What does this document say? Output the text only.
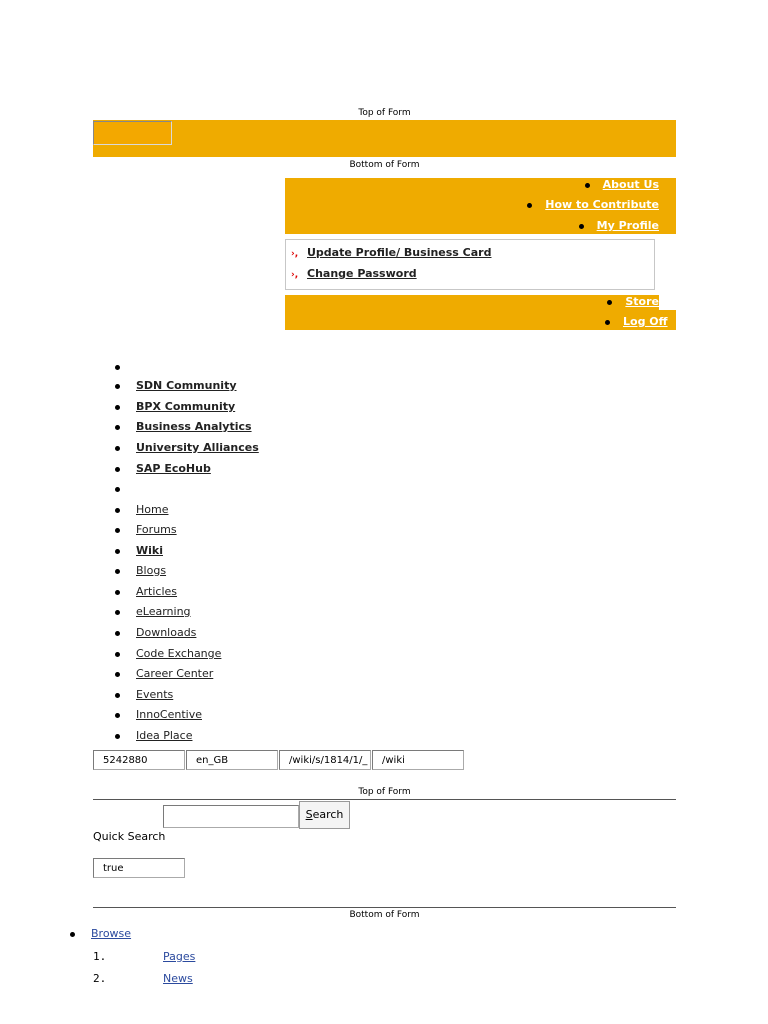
Top of Form
Bottom of Form
About Us
How to Contribute
My Profile
›, Update Profile/ Business Card
›, Change Password
Store
Log Off
SDN Community
BPX Community
Business Analytics
University Alliances
SAP EcoHub
Home
Forums
Wiki
Blogs
Articles
eLearning
Downloads
Code Exchange
Career Center
Events
InnoCentive
Idea Place
5242880	en_GB	/wiki/s/1814/1/_	/wiki
Top of Form
Search
Quick Search
true
Bottom of Form
Browse
1.	Pages
2.	News
